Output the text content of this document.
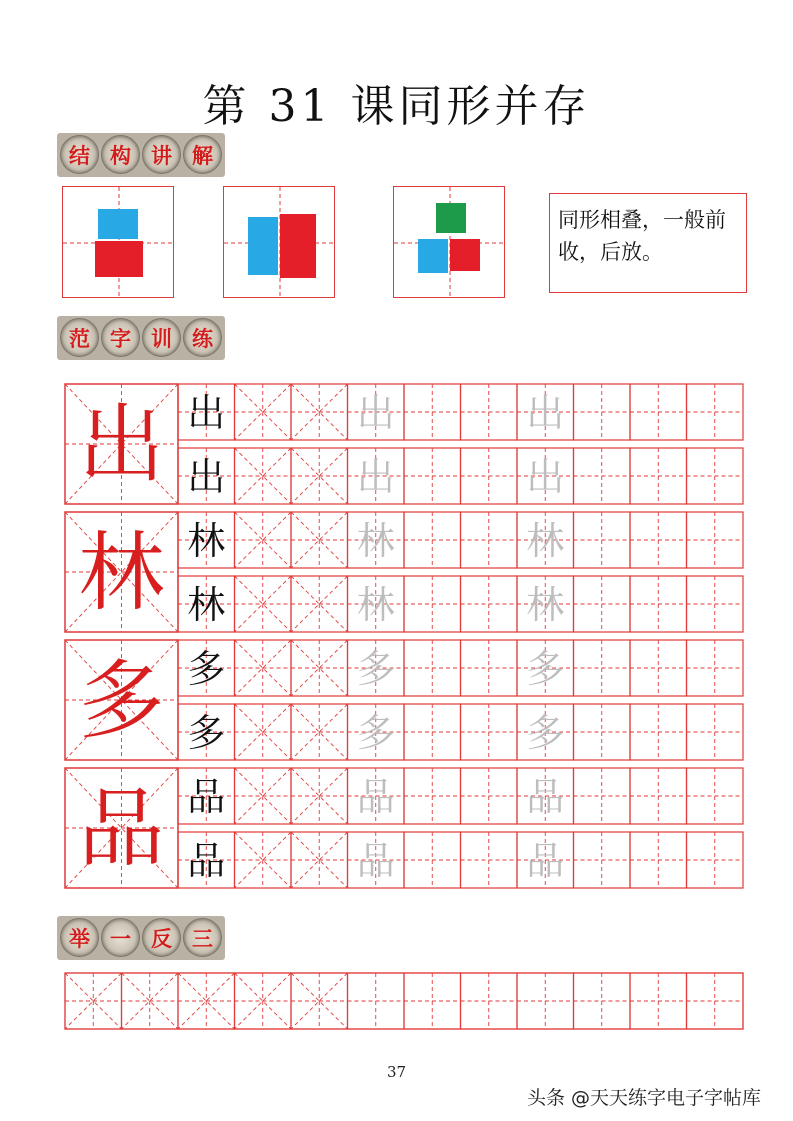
第 31 课同形并存
结 构 讲 解
同形相叠，一般前收，后放。
范 字 训 练
出 出	出	出
出	出	出
林 林	林	林
林	林	林
多 多	多	多
多	多	多
品 品	品	品
品	品	品
举 一 反 三
37
头条 @天天练字电子字帖库
